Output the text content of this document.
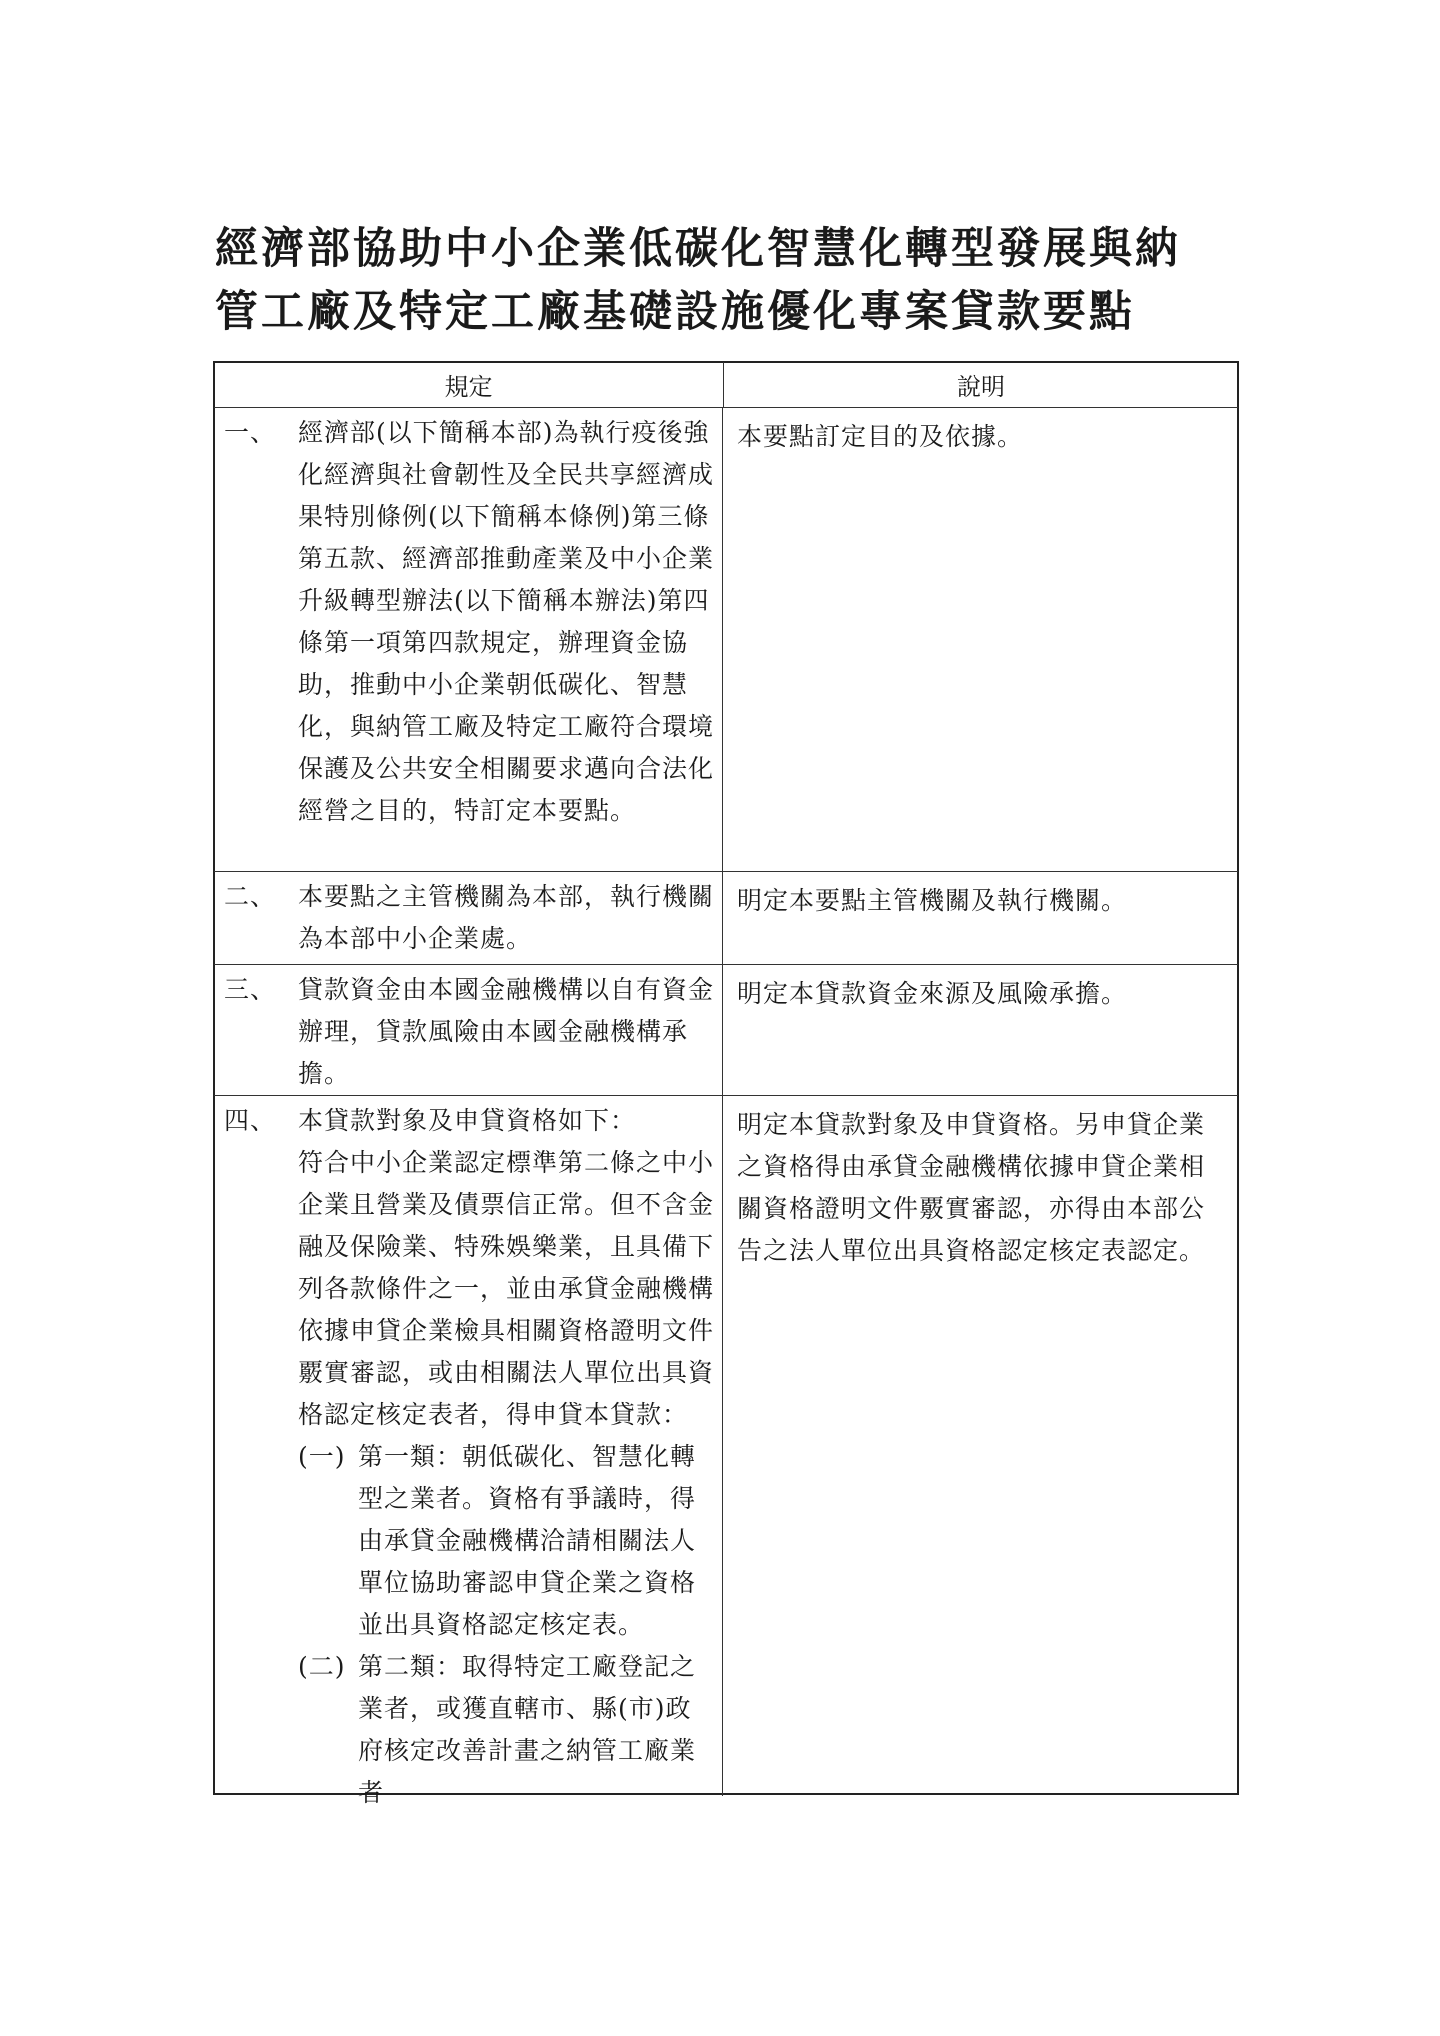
經濟部協助中小企業低碳化智慧化轉型發展與納
管工廠及特定工廠基礎設施優化專案貸款要點
規定	說明
一、 經濟部(以下簡稱本部)為執行疫後強化經濟與社會韌性及全民共享經濟成果特別條例(以下簡稱本條例)第三條第五款、經濟部推動產業及中小企業升級轉型辦法(以下簡稱本辦法)第四條第一項第四款規定，辦理資金協助，推動中小企業朝低碳化、智慧化，與納管工廠及特定工廠符合環境保護及公共安全相關要求邁向合法化經營之目的，特訂定本要點。
本要點訂定目的及依據。
二、 本要點之主管機關為本部，執行機關為本部中小企業處。
明定本要點主管機關及執行機關。
三、 貸款資金由本國金融機構以自有資金辦理，貸款風險由本國金融機構承擔。
明定本貸款資金來源及風險承擔。
四、 本貸款對象及申貸資格如下：

符合中小企業認定標準第二條之中小企業且營業及債票信正常。但不含金融及保險業、特殊娛樂業，且具備下列各款條件之一，並由承貸金融機構依據申貸企業檢具相關資格證明文件覈實審認，或由相關法人單位出具資格認定核定表者，得申貸本貸款：

(一) 第一類：朝低碳化、智慧化轉型之業者。資格有爭議時，得由承貸金融機構洽請相關法人單位協助審認申貸企業之資格並出具資格認定核定表。
(二) 第二類：取得特定工廠登記之業者，或獲直轄市、縣(市)政府核定改善計畫之納管工廠業者
明定本貸款對象及申貸資格。另申貸企業之資格得由承貸金融機構依據申貸企業相關資格證明文件覈實審認，亦得由本部公告之法人單位出具資格認定核定表認定。
